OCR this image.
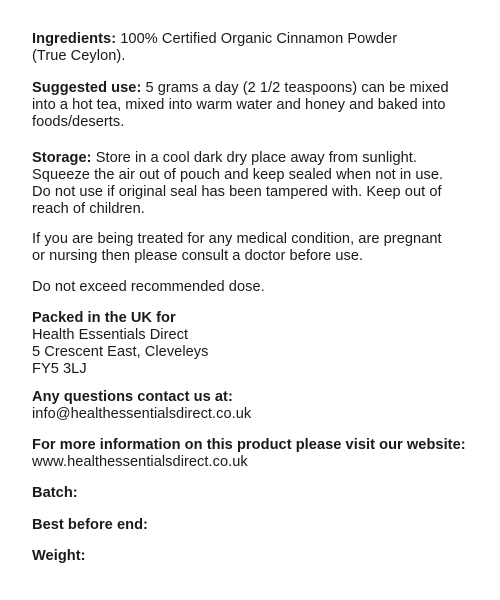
Ingredients: 100% Certified Organic Cinnamon Powder
(True Ceylon).
Suggested use: 5 grams a day (2 1/2 teaspoons) can be mixed
into a hot tea, mixed into warm water and honey and baked into
foods/deserts.
Storage: Store in a cool dark dry place away from sunlight.
Squeeze the air out of pouch and keep sealed when not in use.
Do not use if original seal has been tampered with. Keep out of
reach of children.
If you are being treated for any medical condition, are pregnant
or nursing then please consult a doctor before use.
Do not exceed recommended dose.
Packed in the UK for
Health Essentials Direct
5 Crescent East, Cleveleys
FY5 3LJ
Any questions contact us at:
info@healthessentialsdirect.co.uk
For more information on this product please visit our website:
www.healthessentialsdirect.co.uk
Batch:
Best before end:
Weight:
